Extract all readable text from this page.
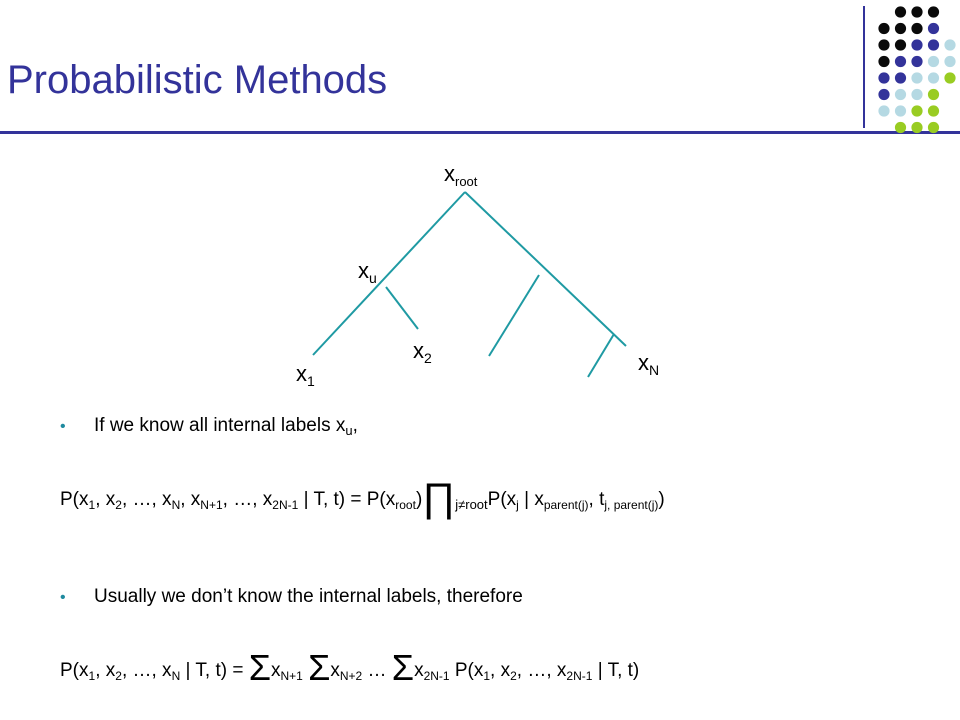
Probabilistic Methods
$x_{root}$
$x_u$
$x_2$
$x_1$
$x_N$
• If we know all internal labels $x_u$,
$P(x_1$, $x_2$, …, $x_N$, $x_{N+1}$, …, $x_{2N-1}$ | T, $t) = P(x_{root})\prod_{j\ne root}P(x_j$ | $x_{parent(j)}$, $t_{j, parent(j)}$)
• Usually we don’t know the internal labels, therefore
$P(x_1$, $x_2$, …, $x_N$ | T, $t) = \Sigma x_{N+1}$ $\Sigma x_{N+2}$ … $\Sigma x_{2N-1}$ $P(x_1$, $x_2$, …, $x_{2N-1}$ | T, t)
